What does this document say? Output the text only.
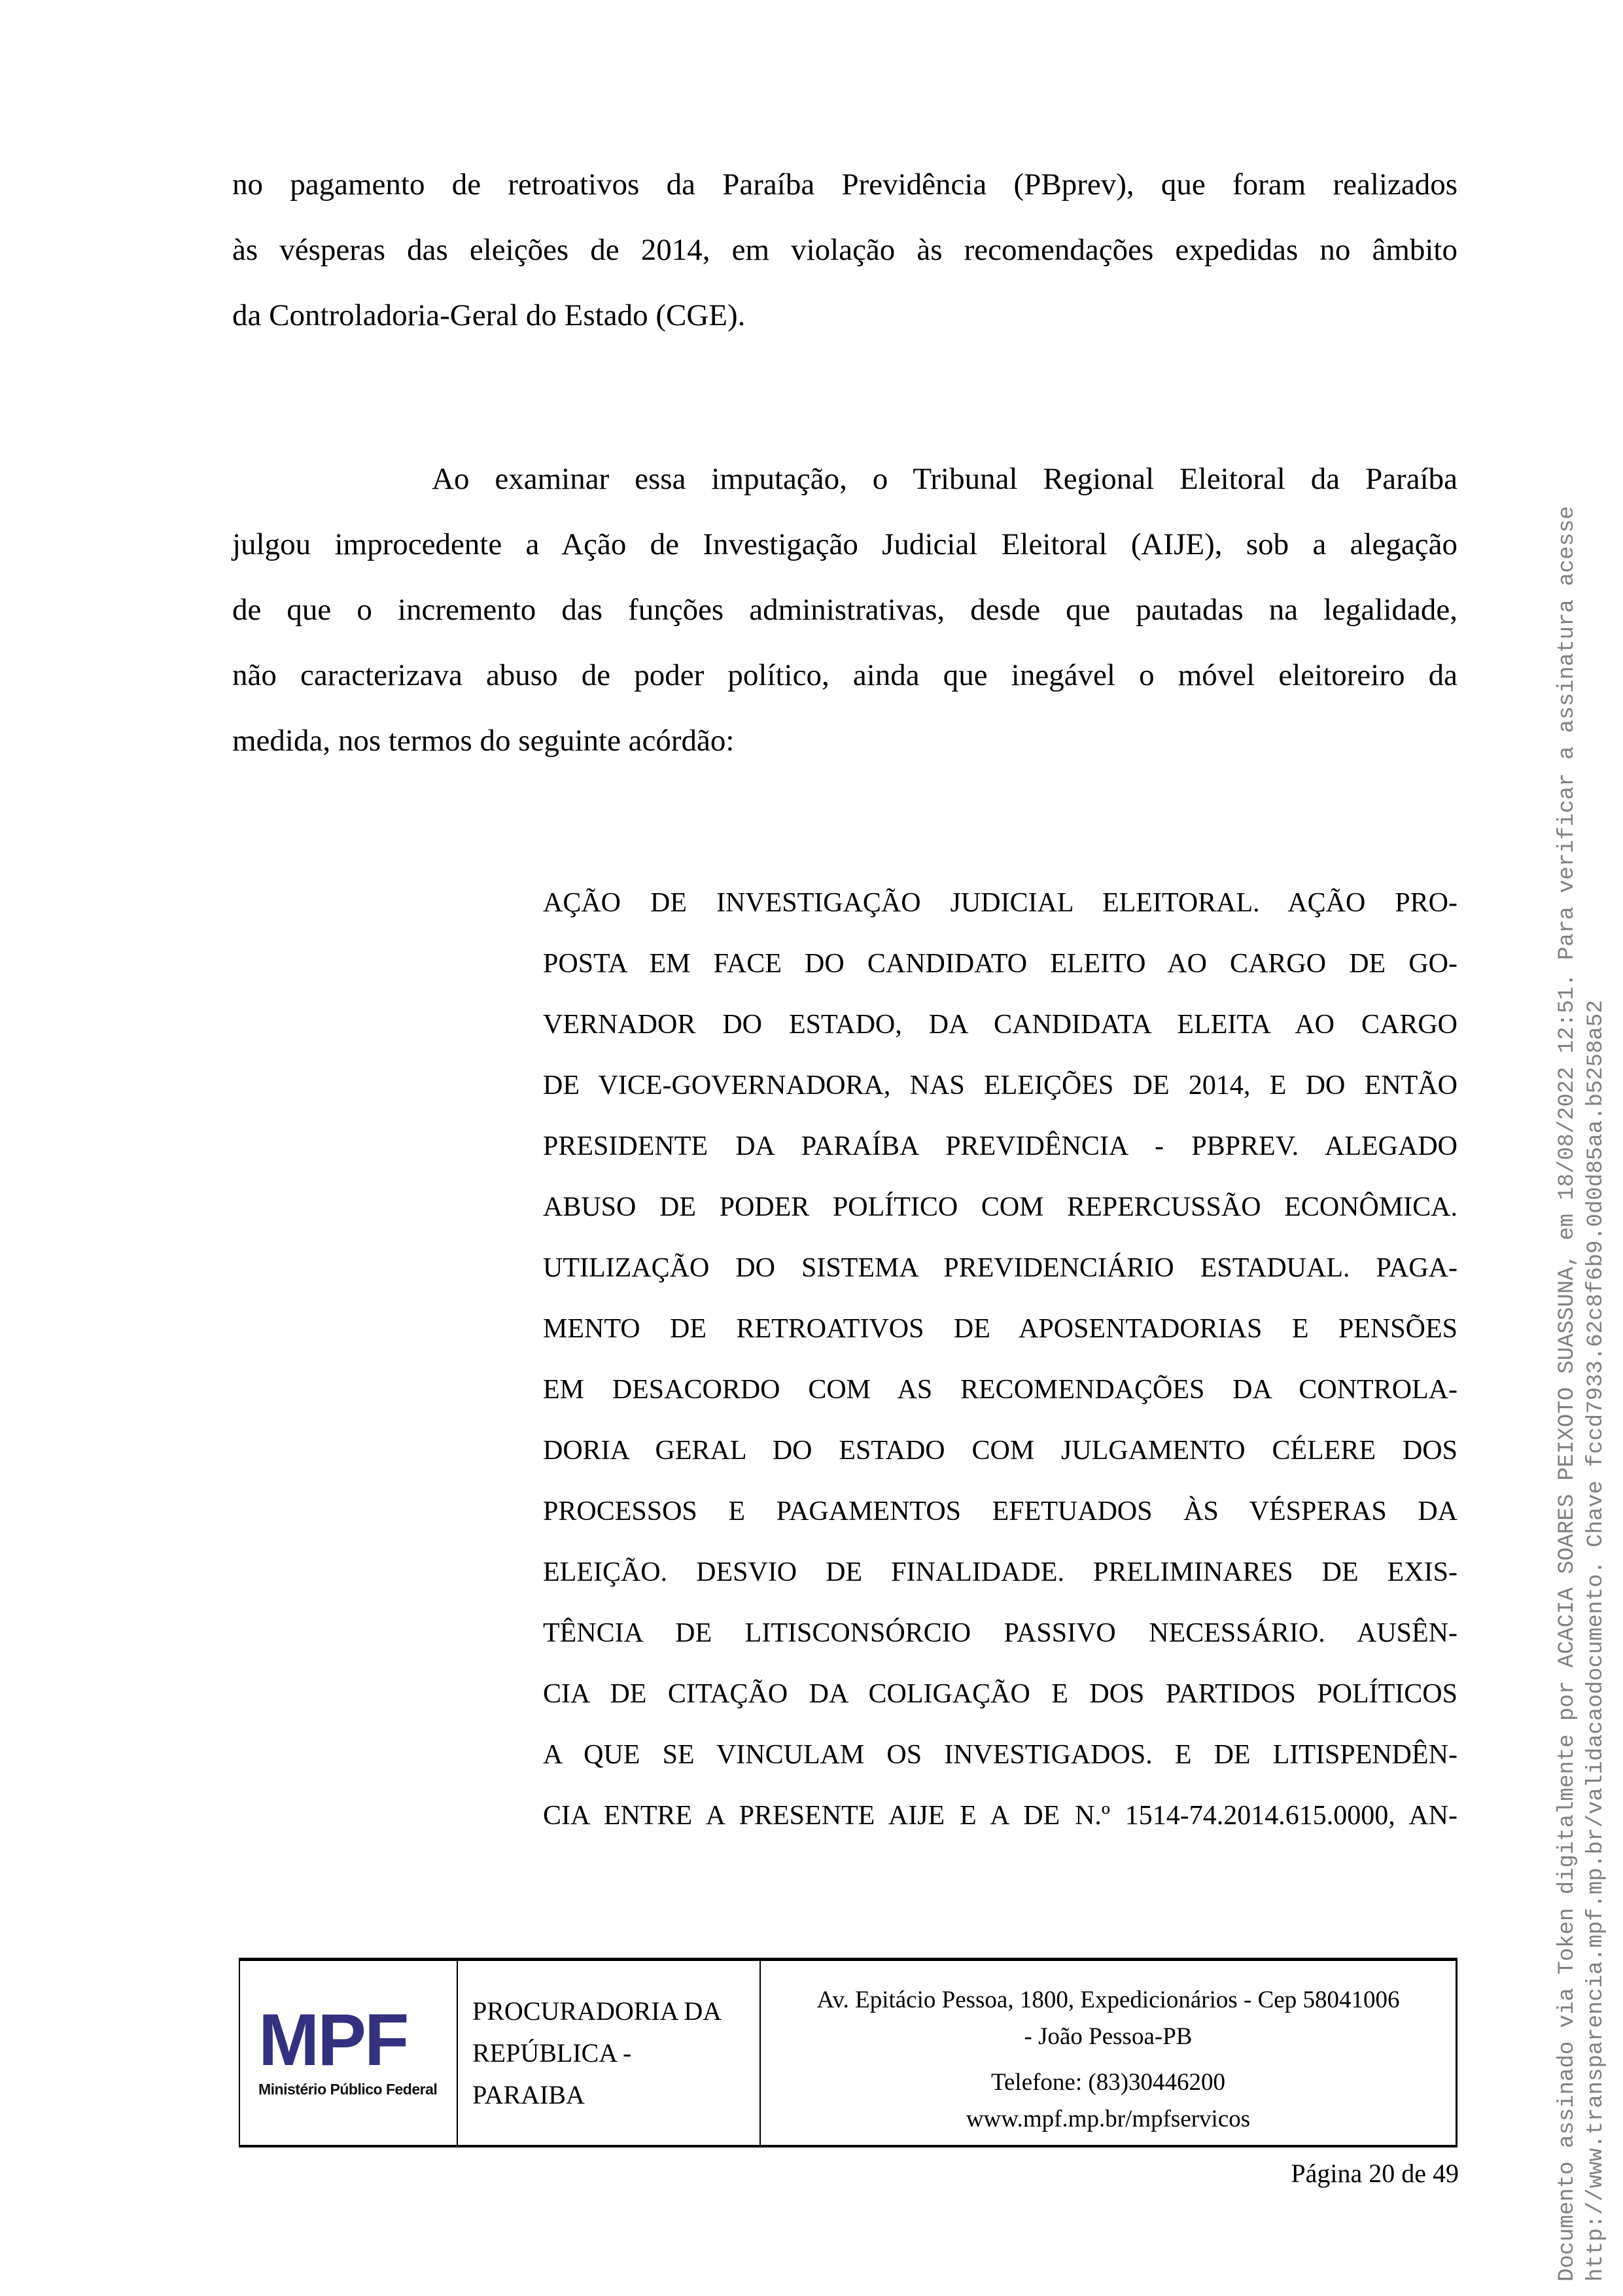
no pagamento de retroativos da Paraíba Previdência (PBprev), que foram realizados
às vésperas das eleições de 2014, em violação às recomendações expedidas no âmbito
da Controladoria-Geral do Estado (CGE).
Ao examinar essa imputação, o Tribunal Regional Eleitoral da Paraíba
julgou improcedente a Ação de Investigação Judicial Eleitoral (AIJE), sob a alegação
de que o incremento das funções administrativas, desde que pautadas na legalidade,
não caracterizava abuso de poder político, ainda que inegável o móvel eleitoreiro da
medida, nos termos do seguinte acórdão:
AÇÃO DE INVESTIGAÇÃO JUDICIAL ELEITORAL. AÇÃO PRO-
POSTA EM FACE DO CANDIDATO ELEITO AO CARGO DE GO-
VERNADOR DO ESTADO, DA CANDIDATA ELEITA AO CARGO
DE VICE-GOVERNADORA, NAS ELEIÇÕES DE 2014, E DO ENTÃO
PRESIDENTE DA PARAÍBA PREVIDÊNCIA - PBPREV. ALEGADO
ABUSO DE PODER POLÍTICO COM REPERCUSSÃO ECONÔMICA.
UTILIZAÇÃO DO SISTEMA PREVIDENCIÁRIO ESTADUAL. PAGA-
MENTO DE RETROATIVOS DE APOSENTADORIAS E PENSÕES
EM DESACORDO COM AS RECOMENDAÇÕES DA CONTROLA-
DORIA GERAL DO ESTADO COM JULGAMENTO CÉLERE DOS
PROCESSOS E PAGAMENTOS EFETUADOS ÀS VÉSPERAS DA
ELEIÇÃO. DESVIO DE FINALIDADE. PRELIMINARES DE EXIS-
TÊNCIA DE LITISCONSÓRCIO PASSIVO NECESSÁRIO. AUSÊN-
CIA DE CITAÇÃO DA COLIGAÇÃO E DOS PARTIDOS POLÍTICOS
A QUE SE VINCULAM OS INVESTIGADOS. E DE LITISPENDÊN-
CIA ENTRE A PRESENTE AIJE E A DE N.º 1514-74.2014.615.0000, AN-
MPF
Ministério Público Federal
PROCURADORIA DA
REPÚBLICA -
PARAIBA
Av. Epitácio Pessoa, 1800, Expedicionários - Cep 58041006
- João Pessoa-PB
Telefone: (83)30446200
www.mpf.mp.br/mpfservicos
Página 20 de 49	Documento assinado via Token digitalmente por ACACIA SOARES PEIXOTO SUASSUNA, em 18/08/2022 12:51. Para verificar a assinatura acesse http://www.transparencia.mpf.mp.br/validacaodocumento. Chave fccd7933.62c8f6b9.0d0d85aa.b5258a52
